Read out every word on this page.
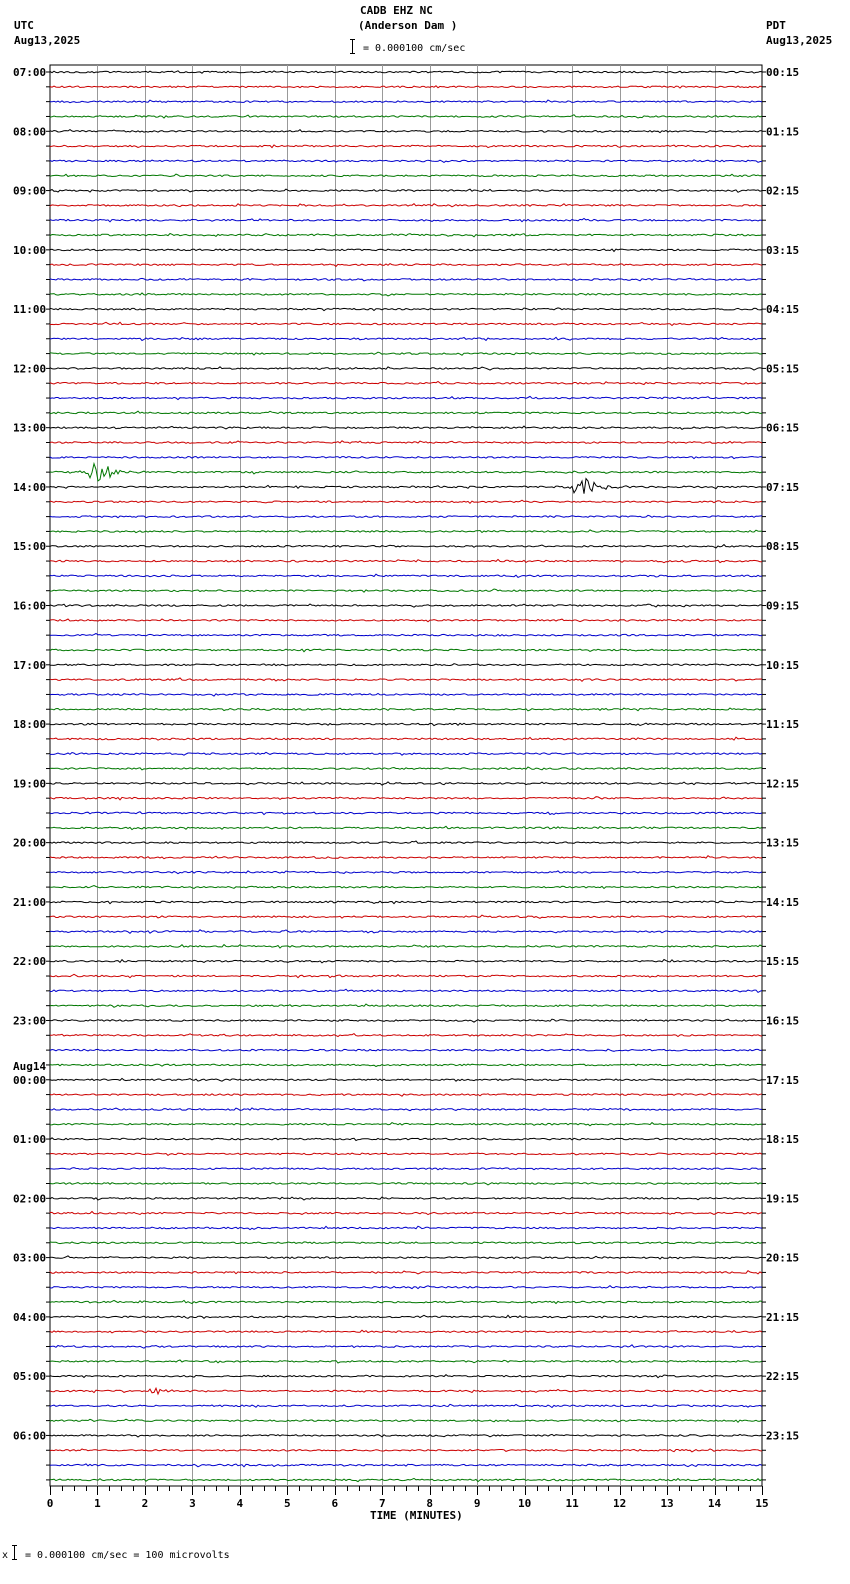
UTC
Aug13,2025
CADB EHZ NC
(Anderson Dam )
= 0.000100 cm/sec
PDT
Aug13,2025
07:00
08:00
09:00
10:00
11:00
12:00
13:00
14:00
15:00
16:00
17:00
18:00
19:00
20:00
21:00
22:00
23:00
00:00
01:00
02:00
03:00
04:00
05:00
06:00
00:15
01:15
02:15
03:15
04:15
05:15
06:15
07:15
08:15
09:15
10:15
11:15
12:15
13:15
14:15
15:15
16:15
17:15
18:15
19:15
20:15
21:15
22:15
23:15
Aug14
0	1	2	3	4	5	6	7	8	9	10	11	12	13	14	15
TIME (MINUTES)
x = 0.000100 cm/sec = 100 microvolts
